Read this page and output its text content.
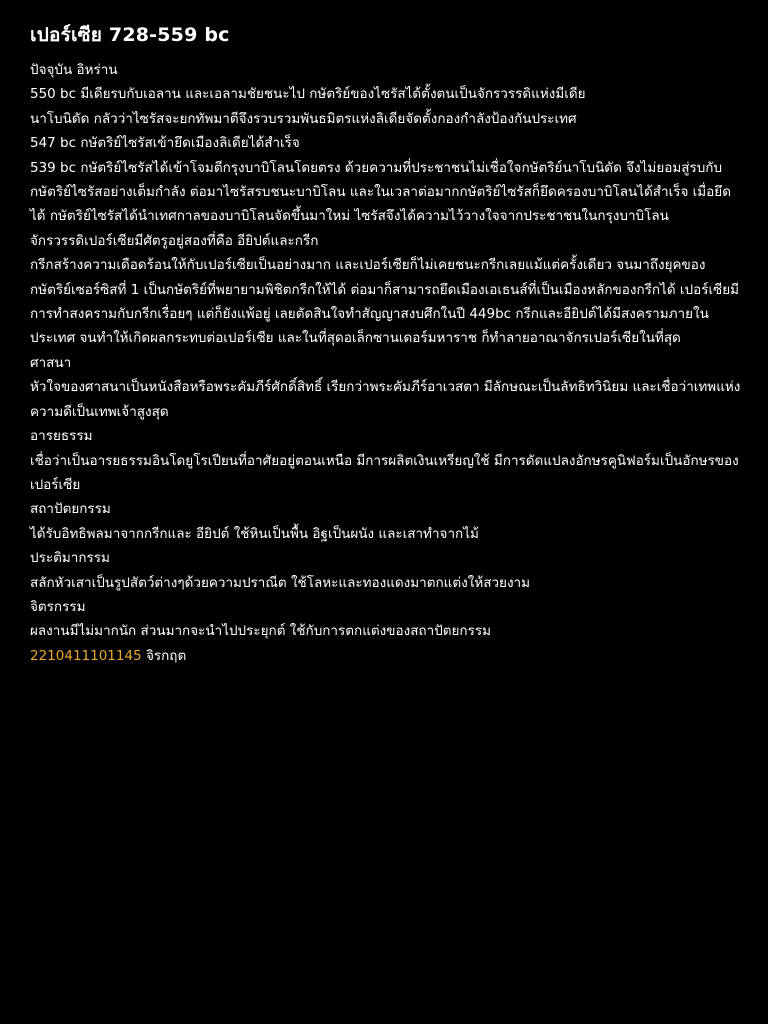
เปอร์เซีย 728-559 bc
ปัจจุบัน อิหร่าน
550 bc มีเดียรบกับเอลาน และเอลามชัยชนะไป กษัตริย์ของไซรัสได้ตั้งตนเป็นจักรวรรดิแห่งมีเดีย
นาโบนิดัด กลัวว่าไซรัสจะยกทัพมาตีจึงรวบรวมพันธมิตรแห่งลิเดียจัดตั้งกองกำลังป้องกันประเทศ
547 bc กษัตริย์ไซรัสเข้ายึดเมืองลิเดียได้สำเร็จ
539 bc กษัตริย์ไซรัสได้เข้าโจมตีกรุงบาบิโลนโดยตรง ด้วยความที่ประชาชนไม่เชื่อใจกษัตริย์นาโบนิดัด จึงไม่ยอมสู่รบกับกษัตริย์ไซรัสอย่างเต็มกำลัง ต่อมาไซรัสรบชนะบาบิโลน และในเวลาต่อมากกษัตริย์ไซรัสก็ยึดครองบาบิโลนได้สำเร็จ เมื่อยึดได้ กษัตริย์ไซรัสได้นำเทศกาลของบาบิโลนจัดขึ้นมาใหม่ ไซรัสจึงได้ความไว้วางใจจากประชาชนในกรุงบาบิโลน
จักรวรรดิเปอร์เซียมีศัตรูอยู่สองที่คือ อียิปต์และกรีก
กรีกสร้างความเดือดร้อนให้กับเปอร์เซียเป็นอย่างมาก และเปอร์เซียก็ไม่เคยชนะกรีกเลยแม้แต่ครั้งเดียว จนมาถึงยุคของกษัตริย์เซอร์ซิสที่ 1 เป็นกษัตริย์ที่พยายามพิชิตกรีกให้ได้ ต่อมาก็สามารถยึดเมืองเอเธนส์ที่เป็นเมืองหลักของกรีกได้ เปอร์เซียมีการทำสงครามกับกรีกเรื่อยๆ แต่ก็ยังแพ้อยู่ เลยตัดสินใจทำสัญญาสงบศึกในปี 449bc กรีกและอียิปต์ได้มีสงครามภายในประเทศ จนทำให้เกิดผลกระทบต่อเปอร์เซีย และในที่สุดอเล็กซานเดอร์มหาราช ก็ทำลายอาณาจักรเปอร์เซียในที่สุด
ศาสนา
หัวใจของศาสนาเป็นหนังสือหรือพระคัมภีร์ศักดิ์สิทธิ์ เรียกว่าพระคัมภีร์อาเวสตา มีลักษณะเป็นลัทธิทวินิยม และเชื่อว่าเทพแห่งความดีเป็นเทพเจ้าสูงสุด
อารยธรรม
เชื่อว่าเป็นอารยธรรมอินโดยูโรเปียนที่อาศัยอยู่ตอนเหนือ มีการผลิตเงินเหรียญใช้ มีการดัดแปลงอักษรคูนิฟอร์มเป็นอักษรของเปอร์เซีย
สถาปัตยกรรม
ได้รับอิทธิพลมาจากกรีกและ อียิปต์ ใช้หินเป็นพื้น อิฐเป็นผนัง และเสาทำจากไม้
ประติมากรรม
สลักหัวเสาเป็นรูปสัตว์ต่างๆด้วยความปราณีต ใช้โลหะและทองแดงมาตกแต่งให้สวยงาม
จิตรกรรม
ผลงานมีไม่มากนัก ส่วนมากจะนำไปประยุกต์ ใช้กับการตกแต่งของสถาปัตยกรรม
2210411101145 จิรกฤต
